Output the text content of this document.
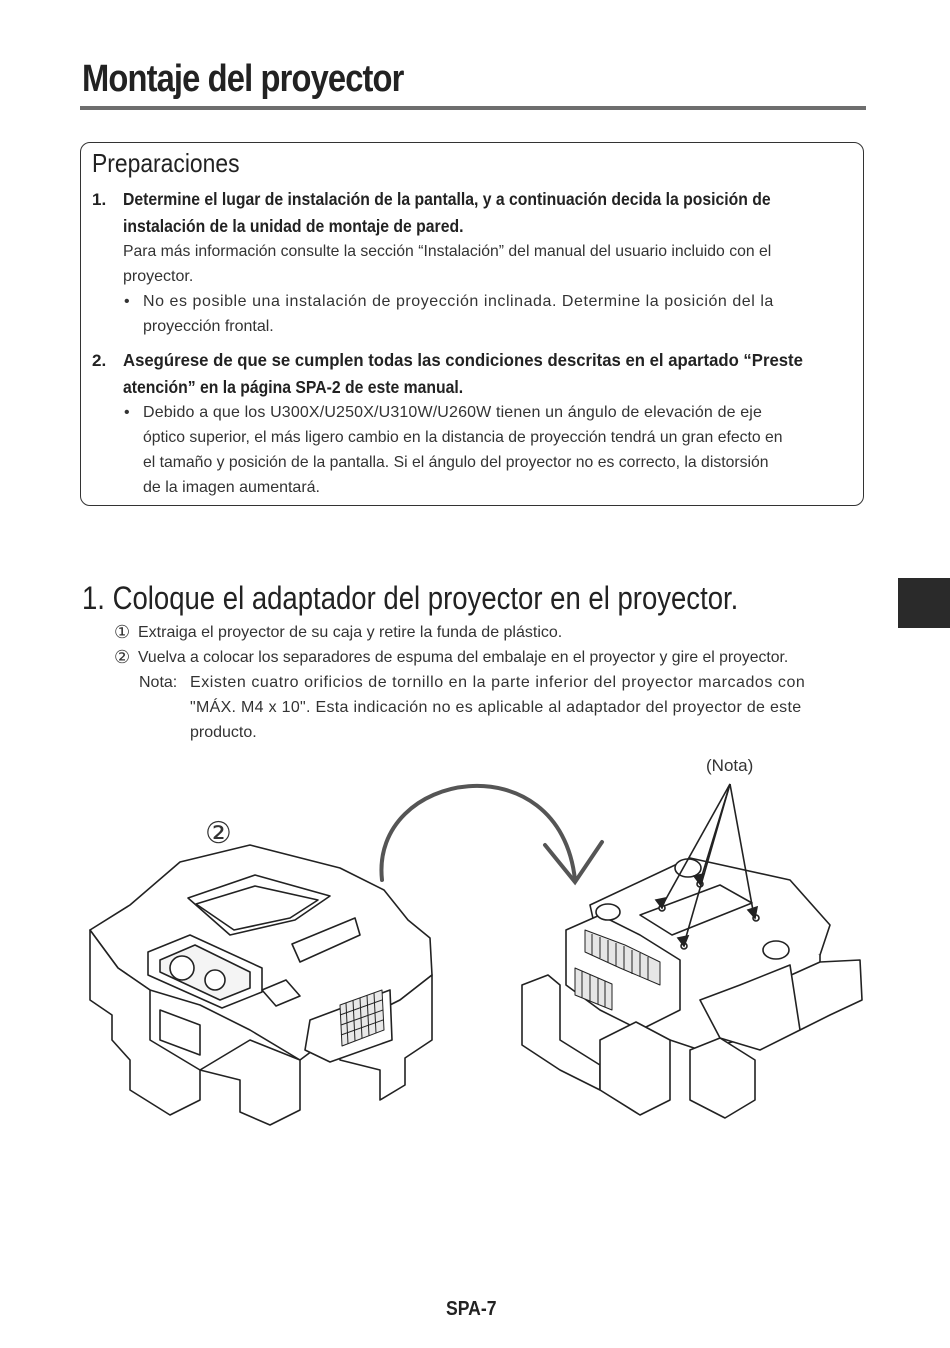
Montaje del proyector
Preparaciones
1. Determine el lugar de instalación de la pantalla, y a continuación decida la posición de
instalación de la unidad de montaje de pared.
Para más información consulte la sección “Instalación” del manual del usuario incluido con el
proyector.
• No es posible una instalación de proyección inclinada. Determine la posición del la
proyección frontal.
2. Asegúrese de que se cumplen todas las condiciones descritas en el apartado “Preste
atención” en la página SPA-2 de este manual.
• Debido a que los U300X/U250X/U310W/U260W tienen un ángulo de elevación de eje
óptico superior, el más ligero cambio en la distancia de proyección tendrá un gran efecto en
el tamaño y posición de la pantalla. Si el ángulo del proyector no es correcto, la distorsión
de la imagen aumentará.
1. Coloque el adaptador del proyector en el proyector.
① Extraiga el proyector de su caja y retire la funda de plástico.
② Vuelva a colocar los separadores de espuma del embalaje en el proyector y gire el proyector.
Nota: Existen cuatro orificios de tornillo en la parte inferior del proyector marcados con
"MÁX. M4 x 10". Esta indicación no es aplicable al adaptador del proyector de este
producto.
(Nota)
②
SPA-7
